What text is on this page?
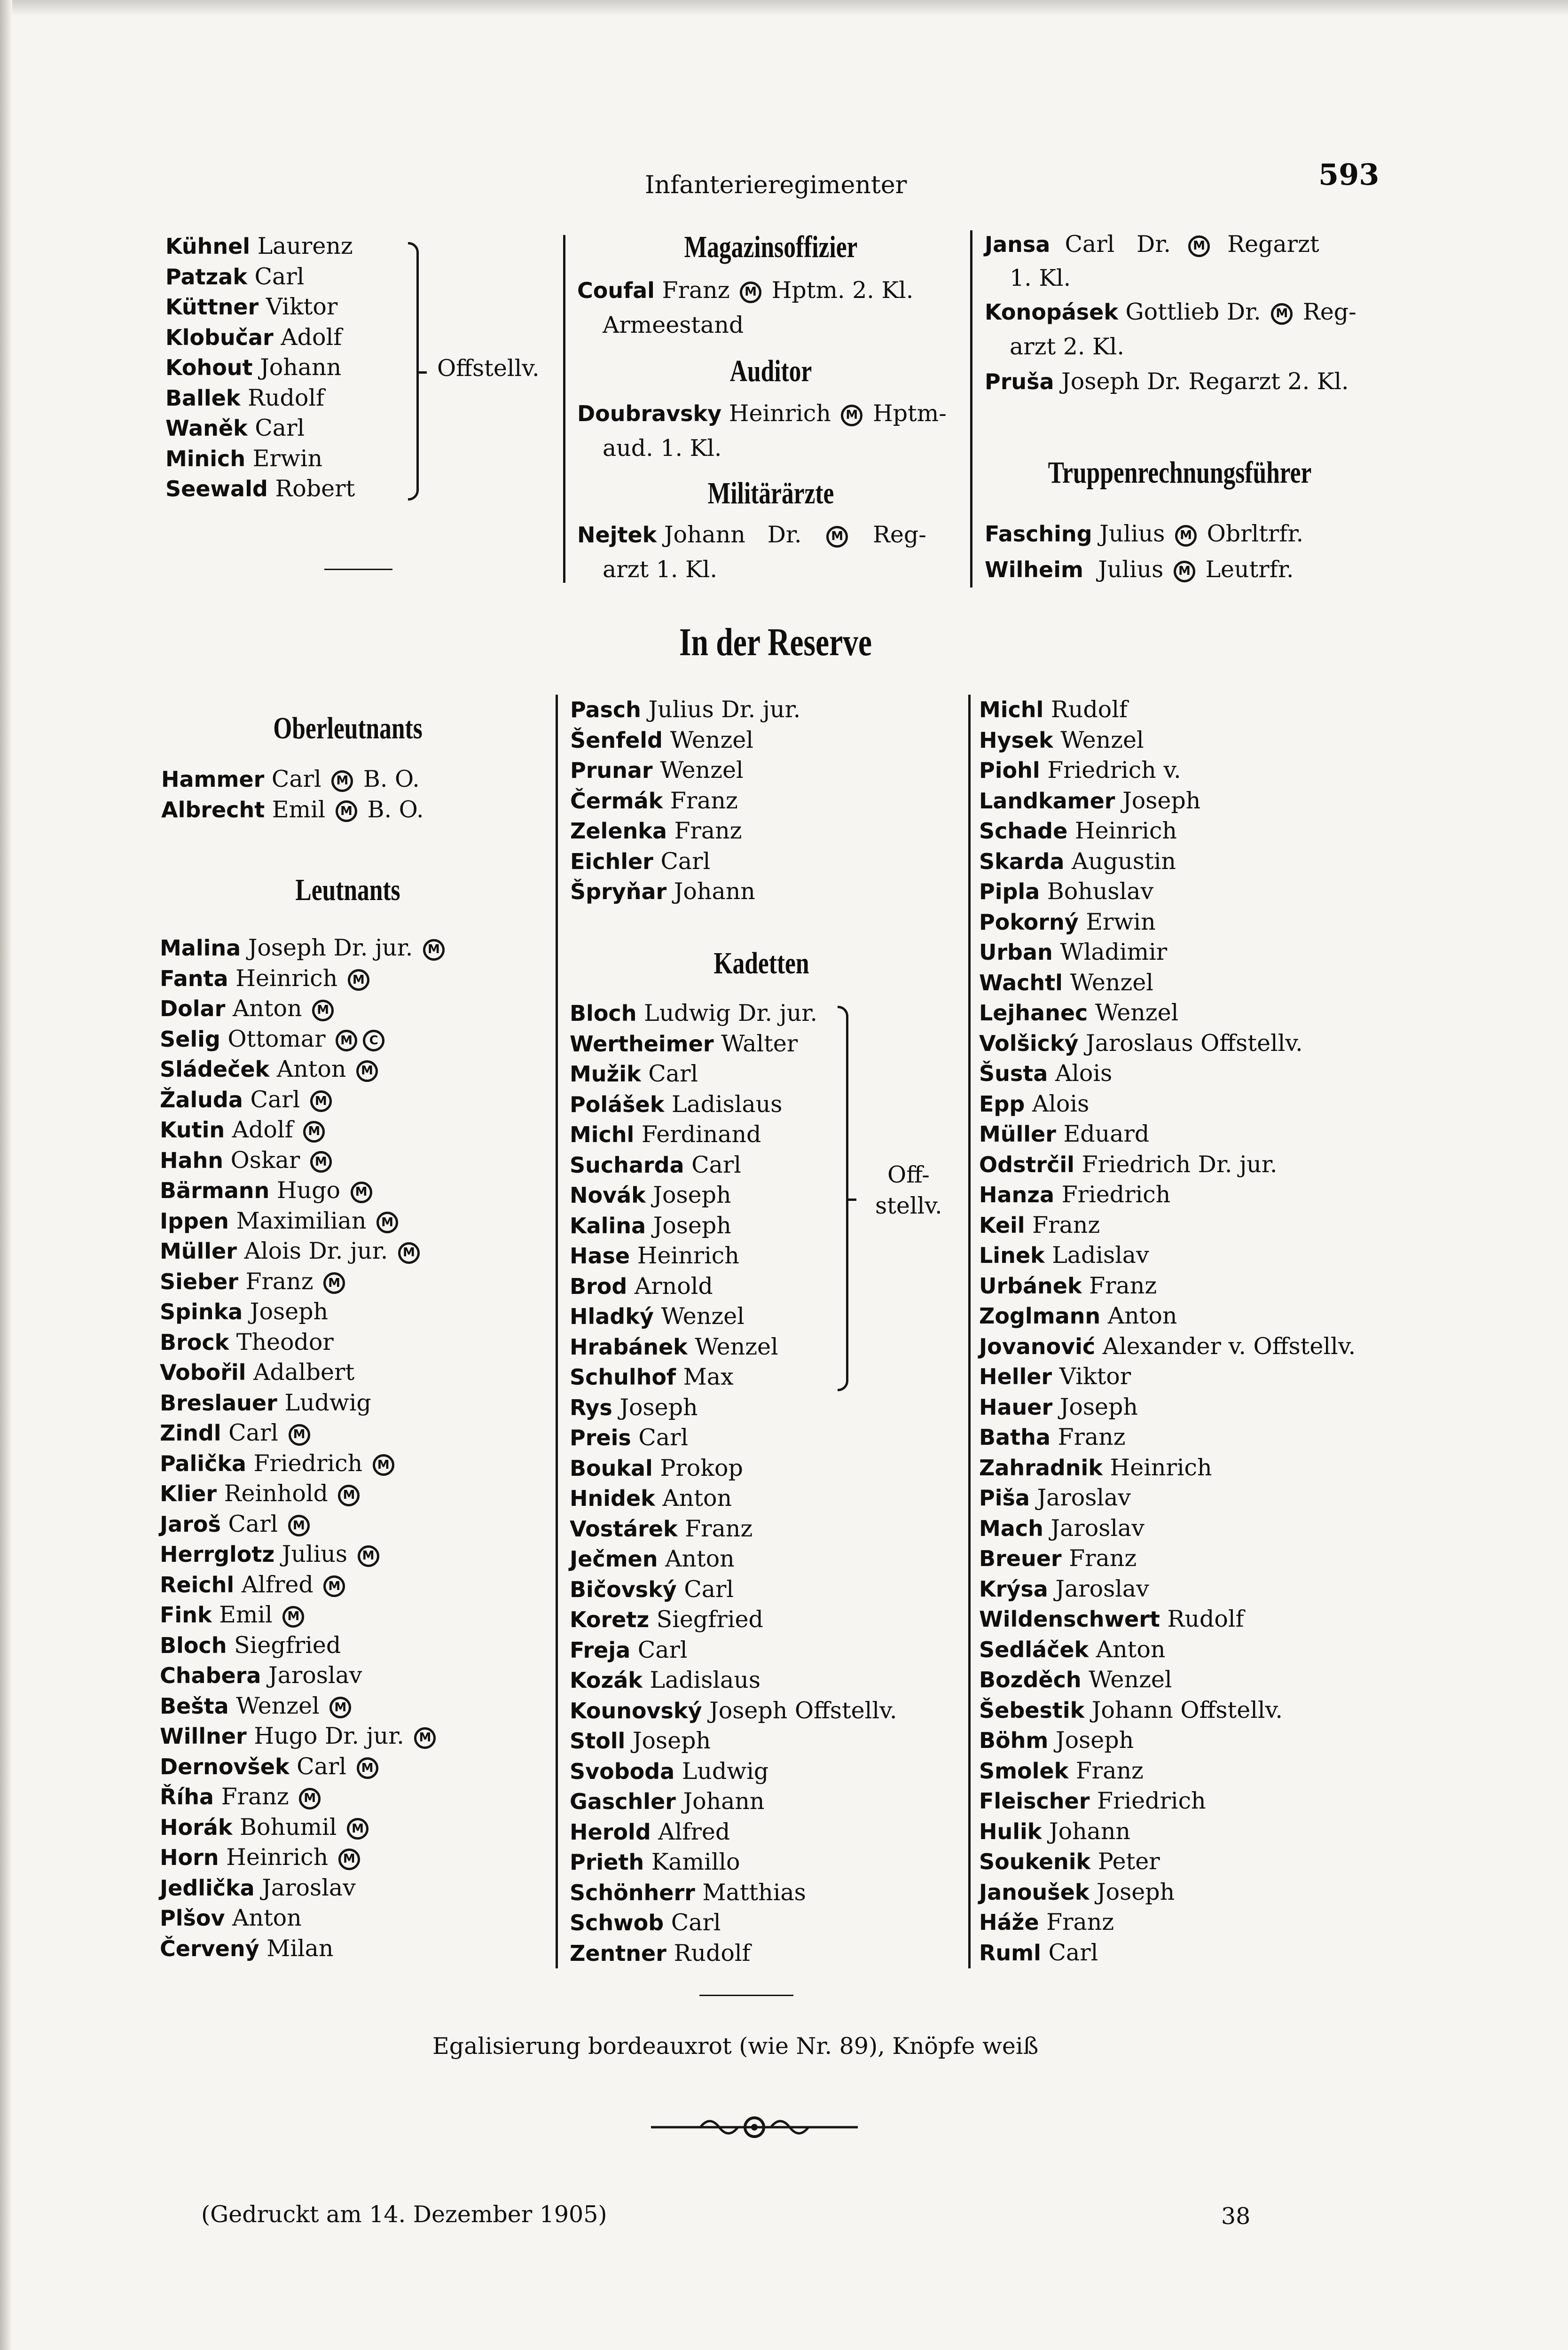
Infanterieregimenter	593
Kühnel Laurenz
Patzak Carl
Küttner Viktor
Klobučar Adolf
Kohout Johann
Ballek Rudolf
Waněk Carl
Minich Erwin
Seewald Robert
Offstellv.
Magazinsoffizier
Coufal Franz M Hptm. 2. Kl.
Armeestand
Auditor
Doubravsky Heinrich M Hptm-
aud. 1. Kl.
Militärärzte
Nejtek Johann Dr. M Reg-
arzt 1. Kl.
Jansa Carl Dr. M Regarzt
1. Kl.
Konopásek Gottlieb Dr. M Reg-
arzt 2. Kl.
Pruša Joseph Dr. Regarzt 2. Kl.
Truppenrechnungsführer
Fasching Julius M Obrltrfr.
Wilheim Julius M Leutrfr.
In der Reserve
Oberleutnants
Hammer Carl M B. O.
Albrecht Emil M B. O.
Leutnants
Malina Joseph Dr. jur. M
Fanta Heinrich M
Dolar Anton M
Selig Ottomar M C
Sládeček Anton M
Žaluda Carl M
Kutin Adolf M
Hahn Oskar M
Bärmann Hugo M
Ippen Maximilian M
Müller Alois Dr. jur. M
Sieber Franz M
Spinka Joseph
Brock Theodor
Vobořil Adalbert
Breslauer Ludwig
Zindl Carl M
Palička Friedrich M
Klier Reinhold M
Jaroš Carl M
Herrglotz Julius M
Reichl Alfred M
Fink Emil M
Bloch Siegfried
Chabera Jaroslav
Bešta Wenzel M
Willner Hugo Dr. jur. M
Dernovšek Carl M
Říha Franz M
Horák Bohumil M
Horn Heinrich M
Jedlička Jaroslav
Plšov Anton
Červený Milan
Pasch Julius Dr. jur.
Šenfeld Wenzel
Prunar Wenzel
Čermák Franz
Zelenka Franz
Eichler Carl
Špryňar Johann
Kadetten
Bloch Ludwig Dr. jur.
Wertheimer Walter
Mužik Carl
Polášek Ladislaus
Michl Ferdinand
Sucharda Carl
Novák Joseph
Kalina Joseph
Hase Heinrich
Brod Arnold
Hladký Wenzel
Hrabánek Wenzel
Schulhof Max
Rys Joseph
Preis Carl
Boukal Prokop
Hnidek Anton
Vostárek Franz
Ječmen Anton
Bičovský Carl
Koretz Siegfried
Freja Carl
Kozák Ladislaus
Kounovský Joseph Offstellv.
Stoll Joseph
Svoboda Ludwig
Gaschler Johann
Herold Alfred
Prieth Kamillo
Schönherr Matthias
Schwob Carl
Zentner Rudolf
Off-
stellv.
Michl Rudolf
Hysek Wenzel
Piohl Friedrich v.
Landkamer Joseph
Schade Heinrich
Skarda Augustin
Pipla Bohuslav
Pokorný Erwin
Urban Wladimir
Wachtl Wenzel
Lejhanec Wenzel
Volšický Jaroslaus Offstellv.
Šusta Alois
Epp Alois
Müller Eduard
Odstrčil Friedrich Dr. jur.
Hanza Friedrich
Keil Franz
Linek Ladislav
Urbánek Franz
Zoglmann Anton
Jovanović Alexander v. Offstellv.
Heller Viktor
Hauer Joseph
Batha Franz
Zahradnik Heinrich
Piša Jaroslav
Mach Jaroslav
Breuer Franz
Krýsa Jaroslav
Wildenschwert Rudolf
Sedláček Anton
Bozděch Wenzel
Šebestik Johann Offstellv.
Böhm Joseph
Smolek Franz
Fleischer Friedrich
Hulik Johann
Soukenik Peter
Janoušek Joseph
Háže Franz
Ruml Carl
Egalisierung bordeauxrot (wie Nr. 89), Knöpfe weiß
(Gedruckt am 14. Dezember 1905)	38
